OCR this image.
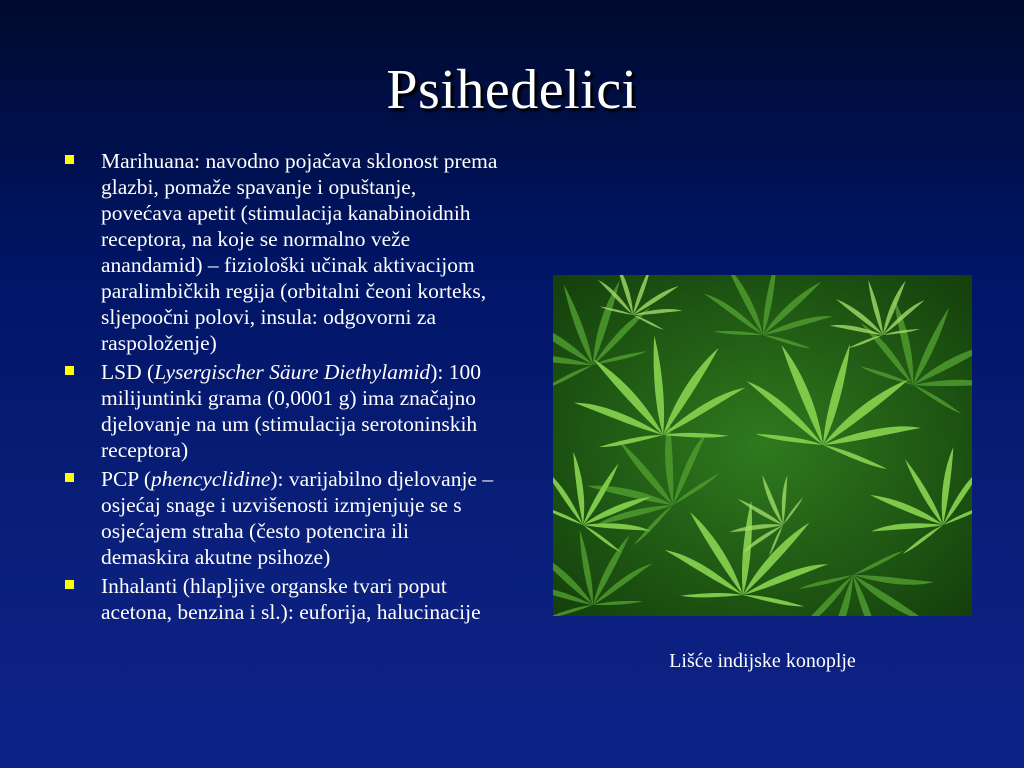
Psihedelici
Marihuana: navodno pojačava sklonost prema glazbi, pomaže spavanje i opuštanje, povećava apetit (stimulacija kanabinoidnih receptora, na koje se normalno veže anandamid) – fiziološki učinak aktivacijom paralimbičkih regija (orbitalni čeoni korteks, sljepoočni polovi, insula: odgovorni za raspoloženje)
LSD (Lysergischer Säure Diethylamid): 100 milijuntinki grama (0,0001 g) ima značajno djelovanje na um (stimulacija serotoninskih receptora)
PCP (phencyclidine): varijabilno djelovanje – osjećaj snage i uzvišenosti izmjenjuje se s osjećajem straha (često potencira ili demaskira akutne psihoze)
Inhalanti (hlapljive organske tvari poput acetona, benzina i sl.): euforija, halucinacije
Lišće indijske konoplje
